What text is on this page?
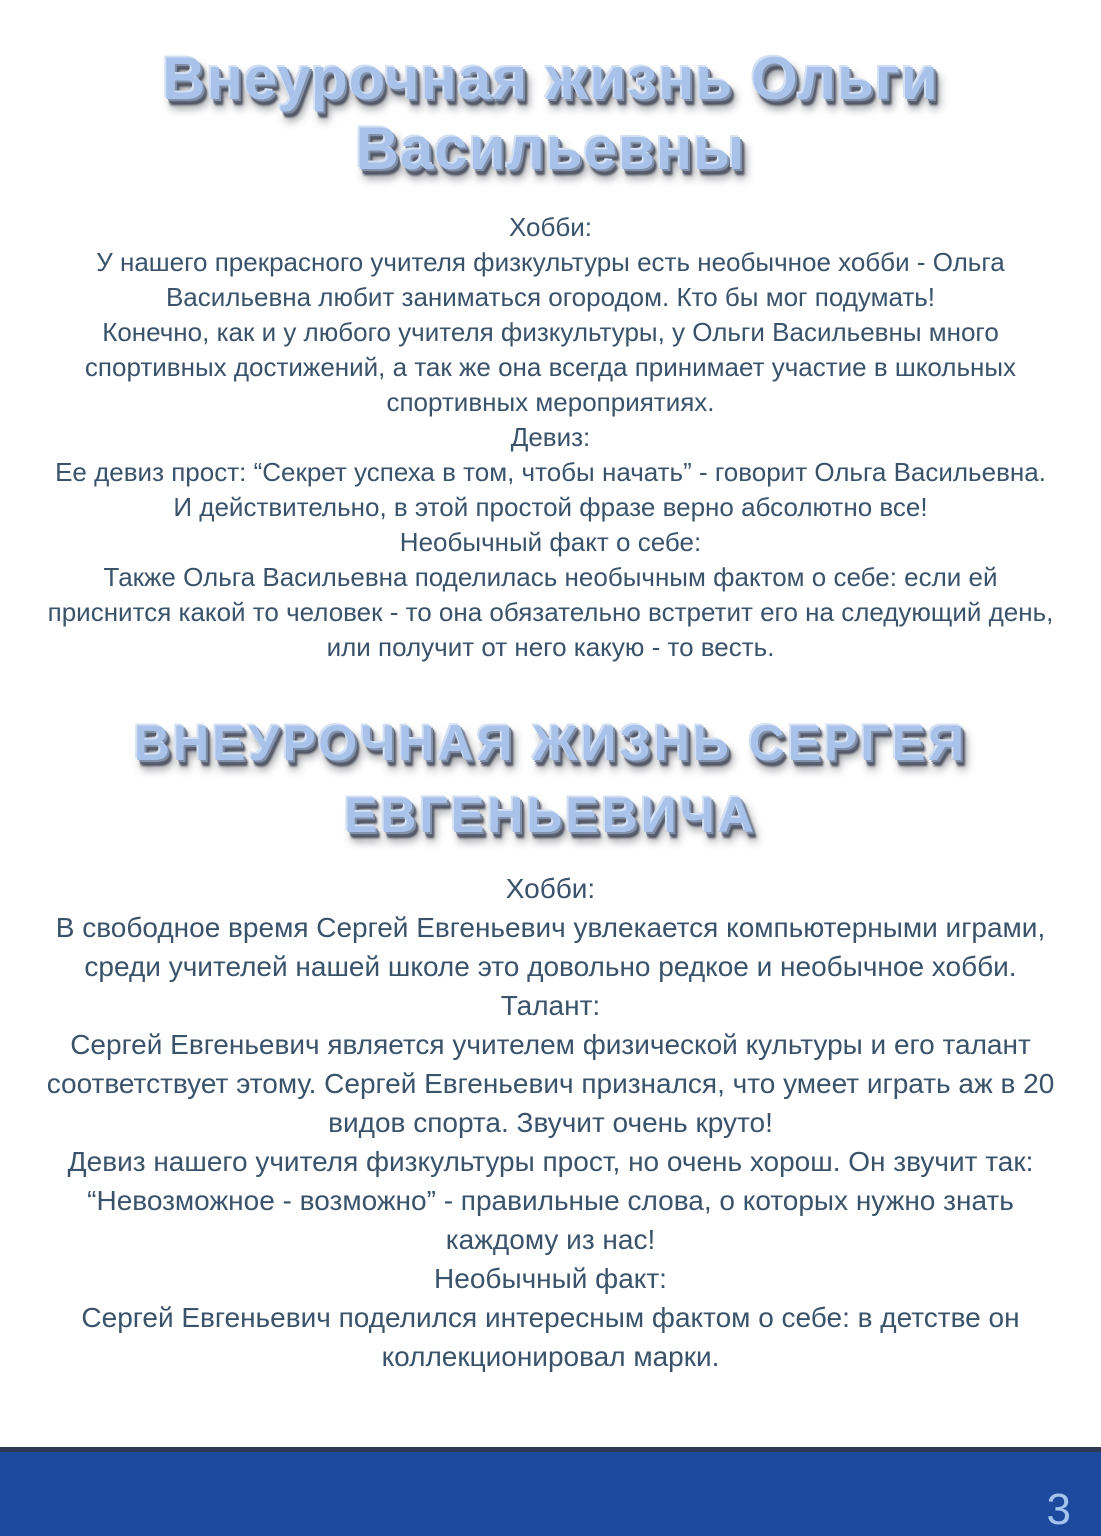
Внеурочная жизнь Ольги
Васильевны

Хобби:

У нашего прекрасного учителя физкультуры есть необычное хобби - Ольга Васильевна любит заниматься огородом. Кто бы мог подумать!

Конечно, как и у любого учителя физкультуры, у Ольги Васильевны много спортивных достижений, а так же она всегда принимает участие в школьных спортивных мероприятиях.

Девиз:

Ее девиз прост: “Секрет успеха в том, чтобы начать” - говорит Ольга Васильевна. И действительно, в этой простой фразе верно абсолютно все!

Необычный факт о себе:

Также Ольга Васильевна поделилась необычным фактом о себе: если ей приснится какой то человек - то она обязательно встретит его на следующий день, или получит от него какую - то весть.

ВНЕУРОЧНАЯ ЖИЗНЬ СЕРГЕЯ
ЕВГЕНЬЕВИЧА

Хобби:

В свободное время Сергей Евгеньевич увлекается компьютерными играми, среди учителей нашей школе это довольно редкое и необычное хобби.

Талант:

Сергей Евгеньевич является учителем физической культуры и его талант соответствует этому. Сергей Евгеньевич признался, что умеет играть аж в 20 видов спорта. Звучит очень круто!

Девиз нашего учителя физкультуры прост, но очень хорош. Он звучит так:

“Невозможное - возможно” - правильные слова, о которых нужно знать каждому из нас!

Необычный факт:

Сергей Евгеньевич поделился интересным фактом о себе: в детстве он коллекционировал марки.

3
